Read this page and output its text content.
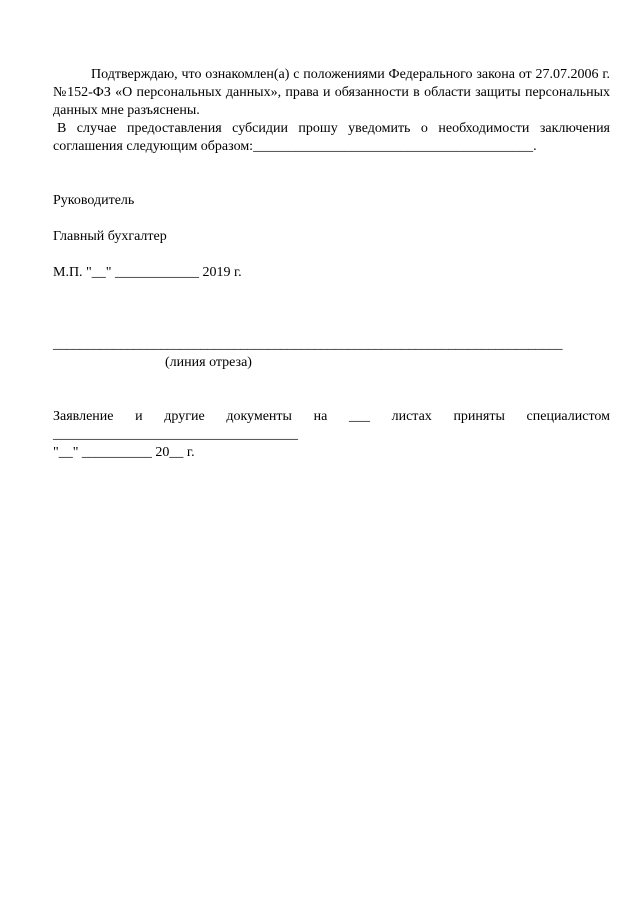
Подтверждаю, что ознакомлен(а) с положениями Федерального закона от 27.07.2006 г. №152-ФЗ «О персональных данных», права и обязанности в области защиты персональных данных мне разъяснены.

В случае предоставления субсидии прошу уведомить о необходимости заключения соглашения следующим образом:________________________________________.

Руководитель

Главный бухгалтер

М.П. "__" ____________ 2019 г.

____________________________________________________________________________

(линия отреза)

Заявление и другие документы на ___ листах приняты специалистом

___________________________________

"__" __________ 20__ г.
